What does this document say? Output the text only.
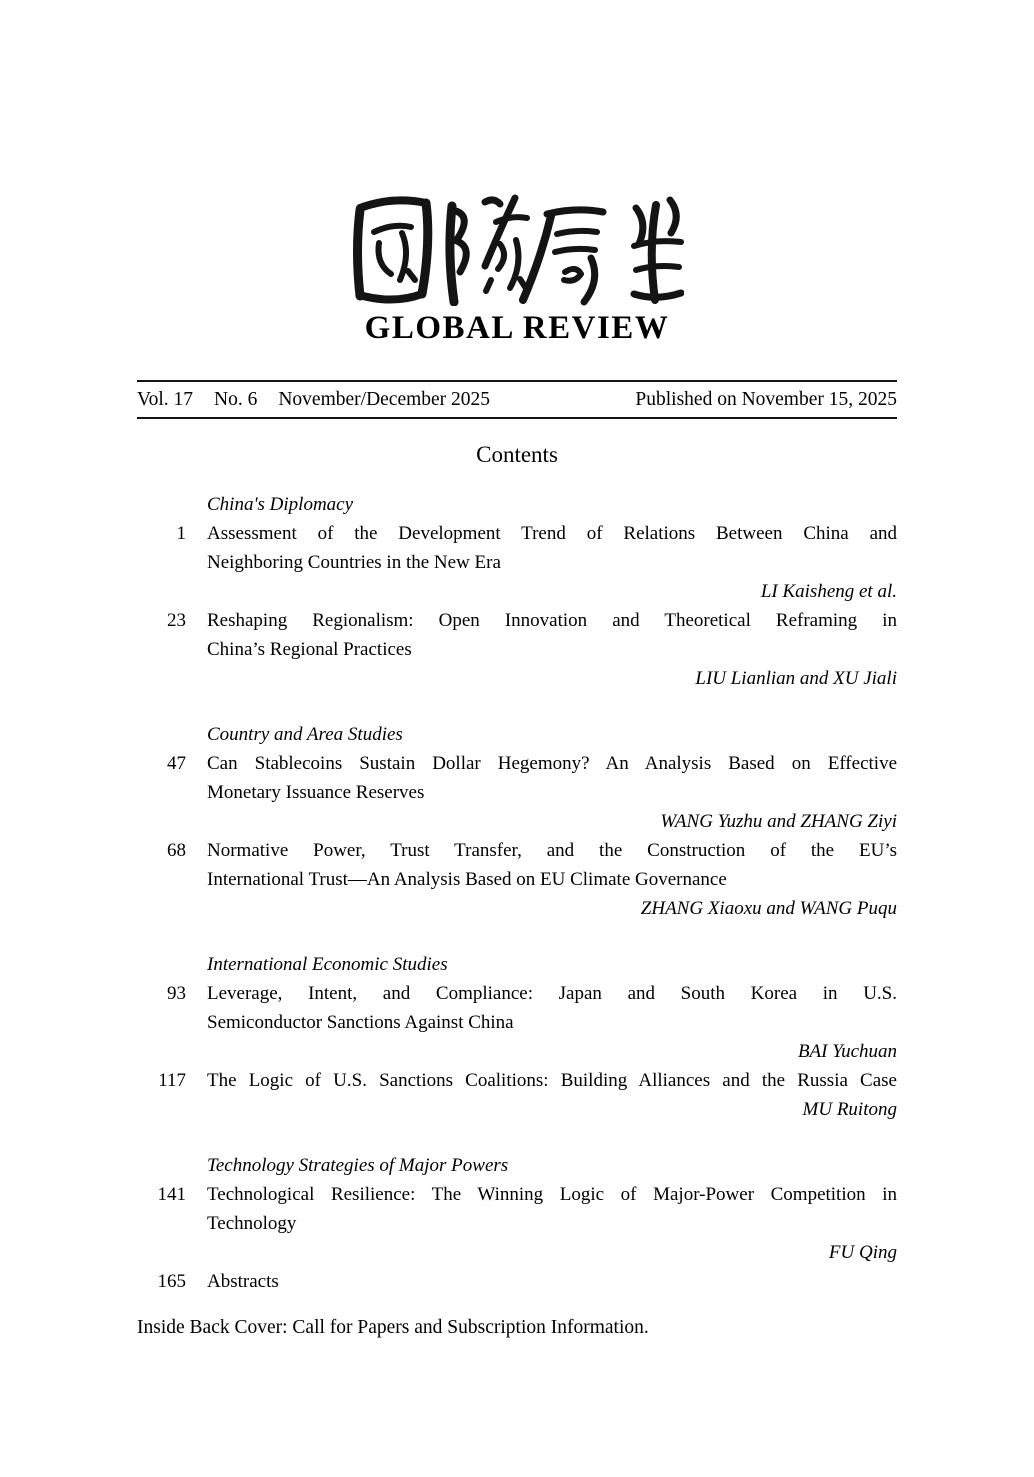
GLOBAL REVIEW
Vol. 17 No. 6 November/December 2025	Published on November 15, 2025
Contents
China's Diplomacy
1 Assessment of the Development Trend of Relations Between China and
Neighboring Countries in the New Era
LI Kaisheng et al.
23 Reshaping Regionalism: Open Innovation and Theoretical Reframing in
China’s Regional Practices
LIU Lianlian and XU Jiali
Country and Area Studies
47 Can Stablecoins Sustain Dollar Hegemony? An Analysis Based on Effective
Monetary Issuance Reserves
WANG Yuzhu and ZHANG Ziyi
68 Normative Power, Trust Transfer, and the Construction of the EU’s
International Trust—An Analysis Based on EU Climate Governance
ZHANG Xiaoxu and WANG Puqu
International Economic Studies
93 Leverage, Intent, and Compliance: Japan and South Korea in U.S.
Semiconductor Sanctions Against China
BAI Yuchuan
117 The Logic of U.S. Sanctions Coalitions: Building Alliances and the Russia Case
MU Ruitong
Technology Strategies of Major Powers
141 Technological Resilience: The Winning Logic of Major-Power Competition in
Technology
FU Qing
165 Abstracts
Inside Back Cover: Call for Papers and Subscription Information.
